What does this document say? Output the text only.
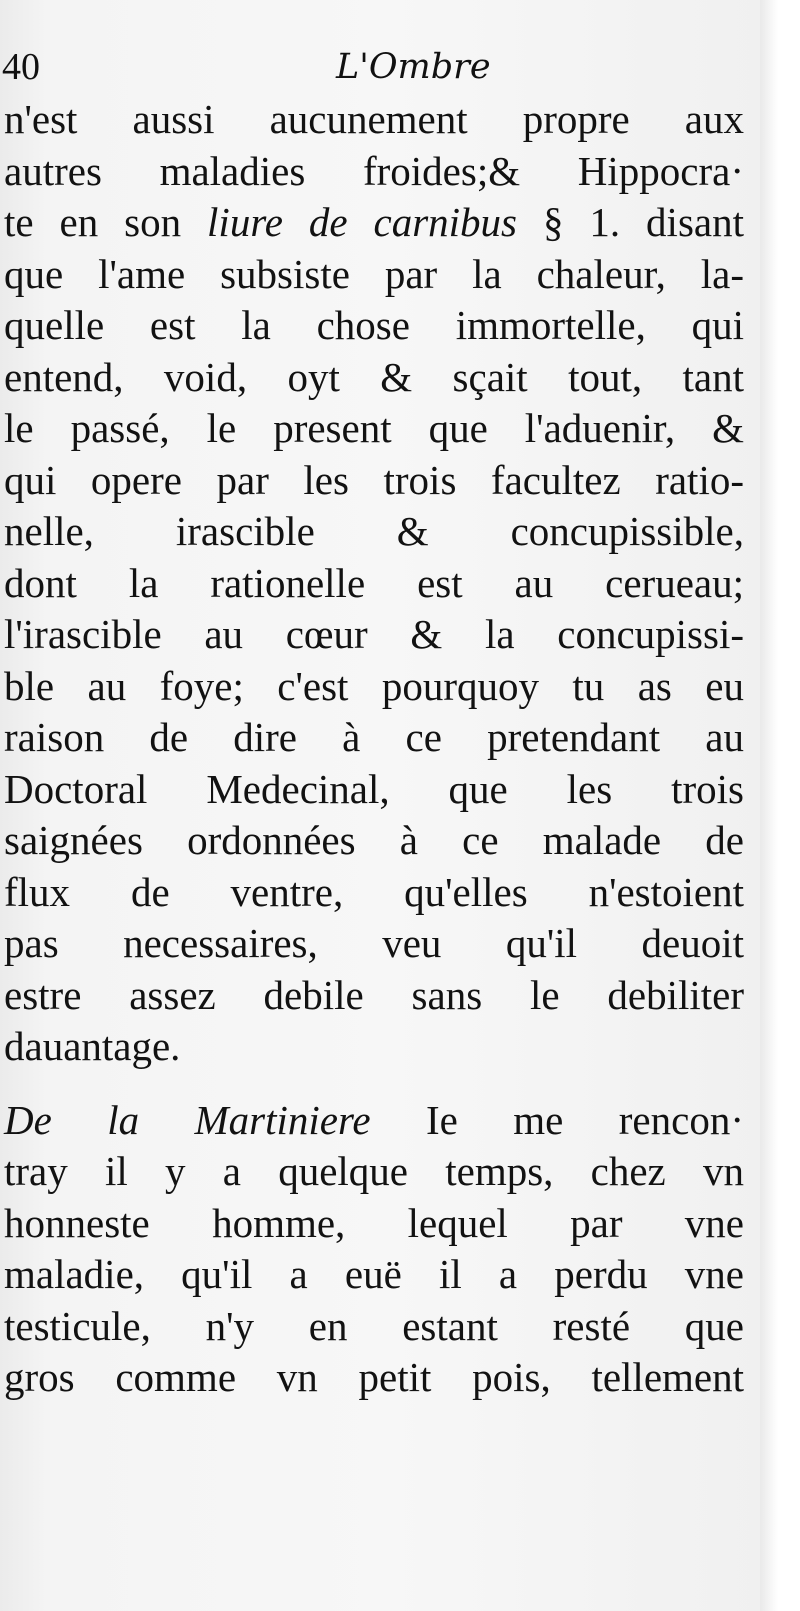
40	L'Ombre
n'est aussi aucunement propre aux
autres maladies froides;& Hippocra·
te en son liure de carnibus § 1. disant
que l'ame subsiste par la chaleur, la-
quelle est la chose immortelle, qui
entend, void, oyt & sçait tout, tant
le passé, le present que l'aduenir, &
qui opere par les trois facultez ratio-
nelle, irascible & concupissible,
dont la rationelle est au cerueau;
l'irascible au cœur & la concupissi-
ble au foye; c'est pourquoy tu as eu
raison de dire à ce pretendant au
Doctoral Medecinal, que les trois
saignées ordonnées à ce malade de
flux de ventre, qu'elles n'estoient
pas necessaires, veu qu'il deuoit
estre assez debile sans le debiliter
dauantage.
De la Martiniere Ie me rencon·
tray il y a quelque temps, chez vn
honneste homme, lequel par vne
maladie, qu'il a euë il a perdu vne
testicule, n'y en estant resté que
gros comme vn petit pois, tellement
